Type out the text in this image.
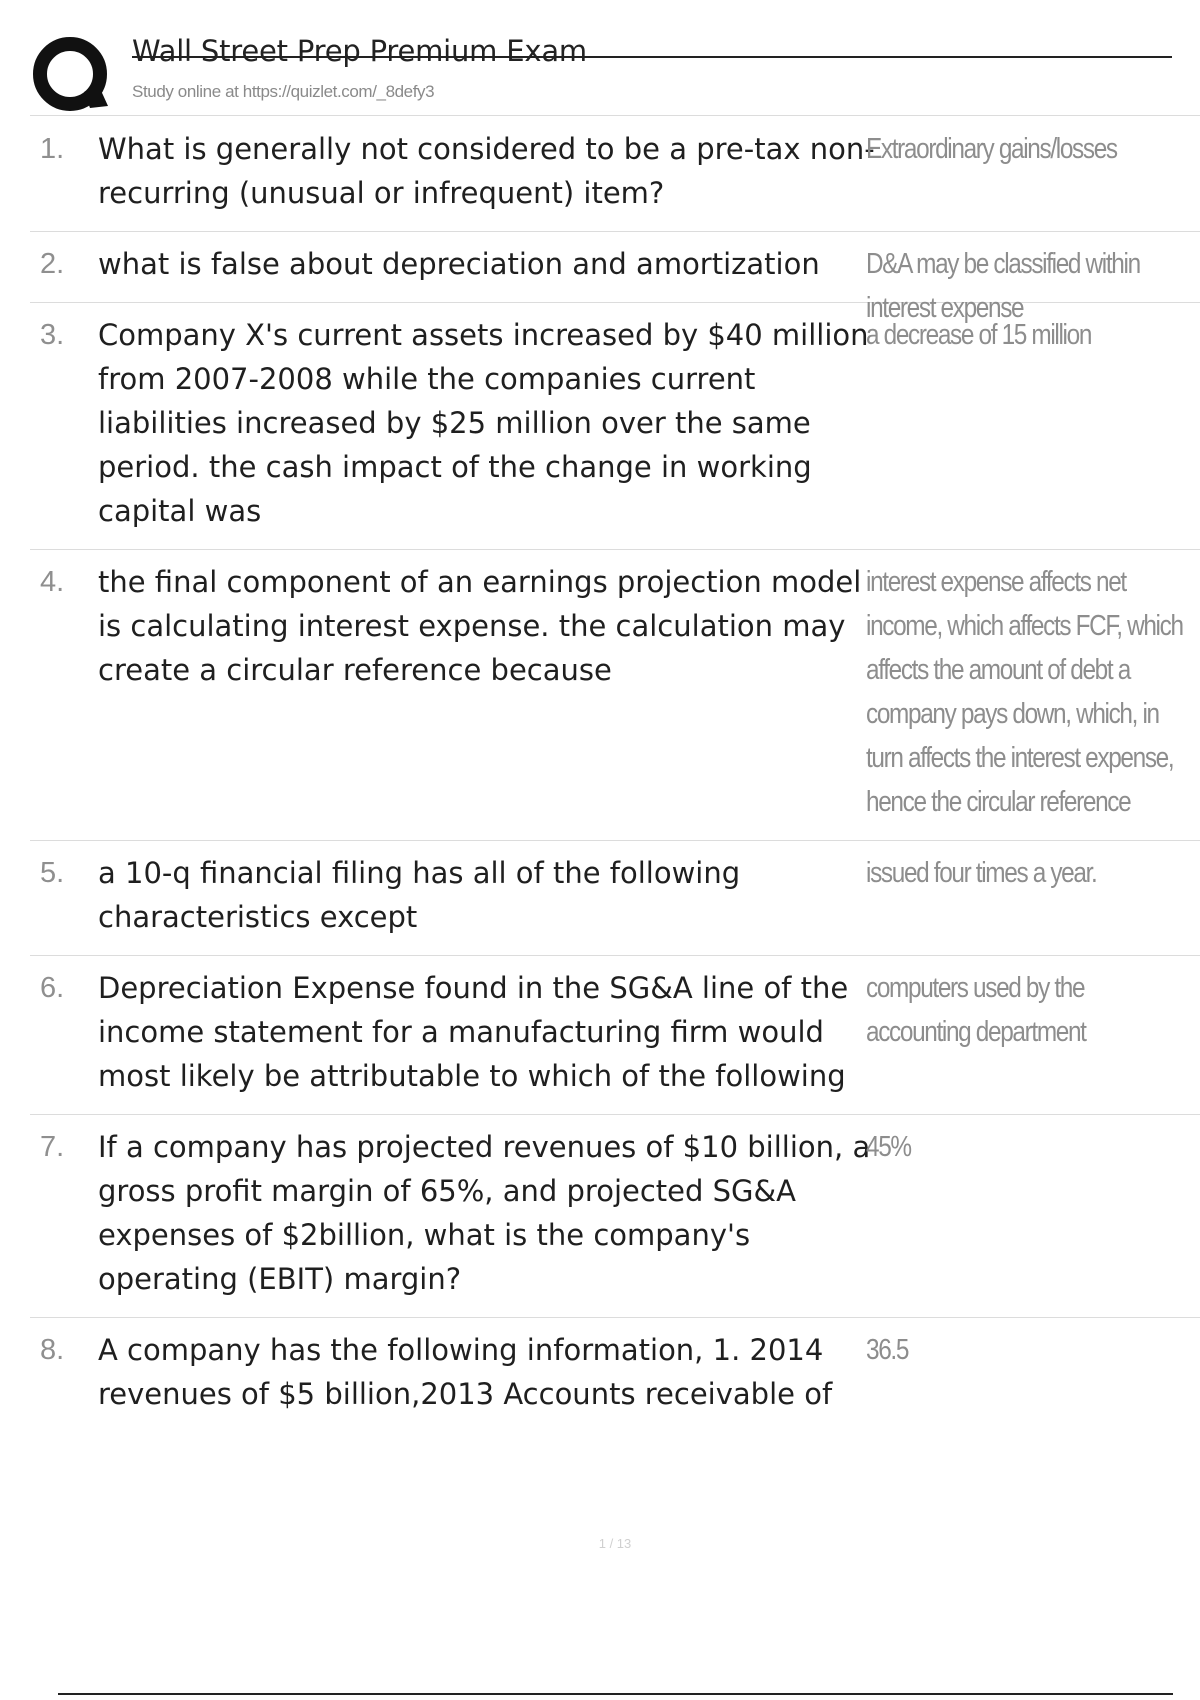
Wall Street Prep Premium Exam
Study online at https://quizlet.com/_8defy3
1. What is generally not considered to be a pre-tax non-recurring (unusual or infrequent) item?
Extraordinary gains/losses
2. what is false about depreciation and amortization	D&A may be classified within interest expense
3. Company X's current assets increased by $40 million from 2007-2008 while the companies current liabilities increased by $25 million over the same period. the cash impact of the change in working capital was
a decrease of 15 million
4. the final component of an earnings projection model is calculating interest expense. the calculation may create a circular reference because
interest expense affects net income, which affects FCF, which affects the amount of debt a company pays down, which, in turn affects the interest expense, hence the circular reference
5. a 10-q financial filing has all of the following characteristics except
issued four times a year.
6. Depreciation Expense found in the SG&A line of the income statement for a manufacturing firm would most likely be attributable to which of the following
computers used by the accounting department
7. If a company has projected revenues of $10 billion, a gross profit margin of 65%, and projected SG&A expenses of $2billion, what is the company's operating (EBIT) margin?
45%
8. A company has the following information, 1. 2014 revenues of $5 billion,2013 Accounts receivable of
36.5
1 / 13
